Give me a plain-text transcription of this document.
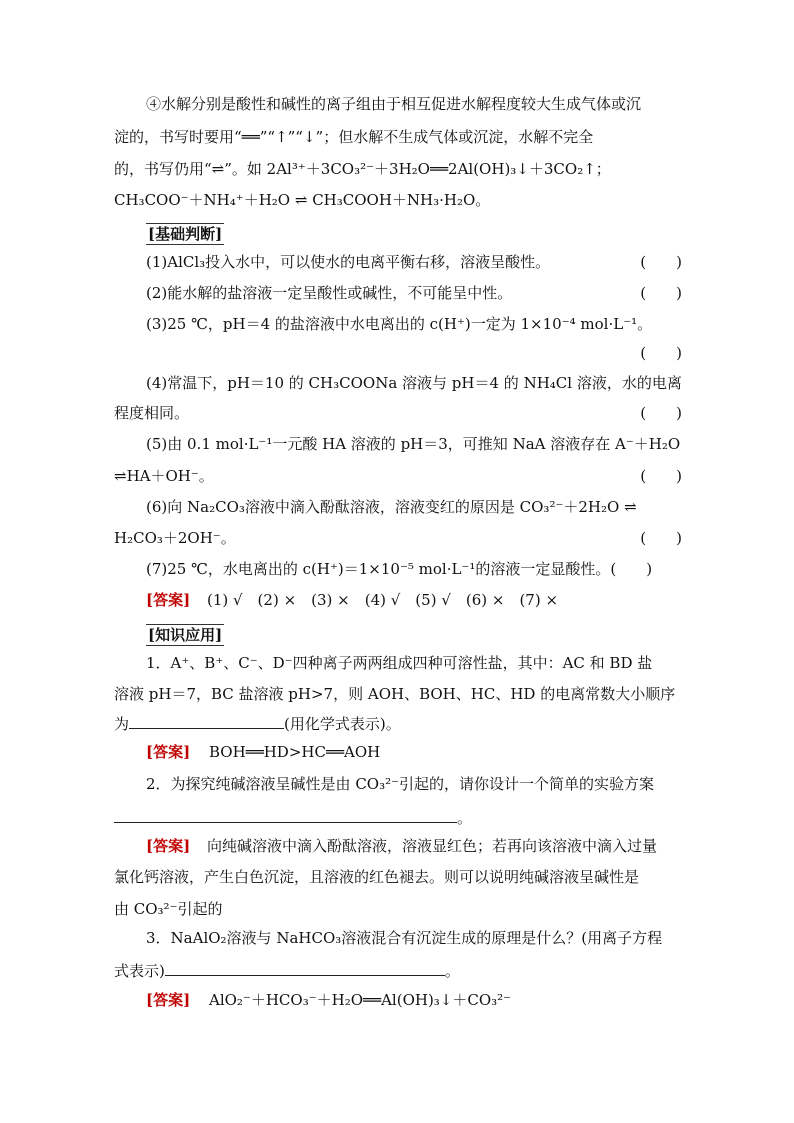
④水解分别是酸性和碱性的离子组由于相互促进水解程度较大生成气体或沉
淀的，书写时要用“══”“↑”“↓”；但水解不生成气体或沉淀，水解不完全
的，书写仍用“⇌”。如 2Al³⁺＋3CO₃²⁻＋3H₂O══2Al(OH)₃↓＋3CO₂↑；
CH₃COO⁻＋NH₄⁺＋H₂O ⇌ CH₃COOH＋NH₃·H₂O。
[基础判断]
(1)AlCl₃投入水中，可以使水的电离平衡右移，溶液呈酸性。	(　　)
(2)能水解的盐溶液一定呈酸性或碱性，不可能呈中性。	(　　)
(3)25 ℃，pH＝4 的盐溶液中水电离出的 c(H⁺)一定为 1×10⁻⁴ mol·L⁻¹。
(　　)
(4)常温下，pH＝10 的 CH₃COONa 溶液与 pH＝4 的 NH₄Cl 溶液，水的电离
程度相同。	(　　)
(5)由 0.1 mol·L⁻¹一元酸 HA 溶液的 pH＝3，可推知 NaA 溶液存在 A⁻＋H₂O
⇌HA＋OH⁻。	(　　)
(6)向 Na₂CO₃溶液中滴入酚酞溶液，溶液变红的原因是 CO₃²⁻＋2H₂O ⇌
H₂CO₃＋2OH⁻。	(　　)
(7)25 ℃，水电离出的 c(H⁺)＝1×10⁻⁵ mol·L⁻¹的溶液一定显酸性。(　　)
[答案] (1) √　(2) ×　(3) ×　(4) √　(5) √　(6) ×　(7) ×
[知识应用]
1．A⁺、B⁺、C⁻、D⁻四种离子两两组成四种可溶性盐，其中：AC 和 BD 盐
溶液 pH＝7，BC 盐溶液 pH>7，则 AOH、BOH、HC、HD 的电离常数大小顺序
为	(用化学式表示)。
[答案] BOH══HD>HC══AOH
2．为探究纯碱溶液呈碱性是由 CO₃²⁻引起的，请你设计一个简单的实验方案
。
[答案] 向纯碱溶液中滴入酚酞溶液，溶液显红色；若再向该溶液中滴入过量
氯化钙溶液，产生白色沉淀，且溶液的红色褪去。则可以说明纯碱溶液呈碱性是
由 CO₃²⁻引起的
3．NaAlO₂溶液与 NaHCO₃溶液混合有沉淀生成的原理是什么？(用离子方程
式表示)	。
[答案] AlO₂⁻＋HCO₃⁻＋H₂O══Al(OH)₃↓＋CO₃²⁻
